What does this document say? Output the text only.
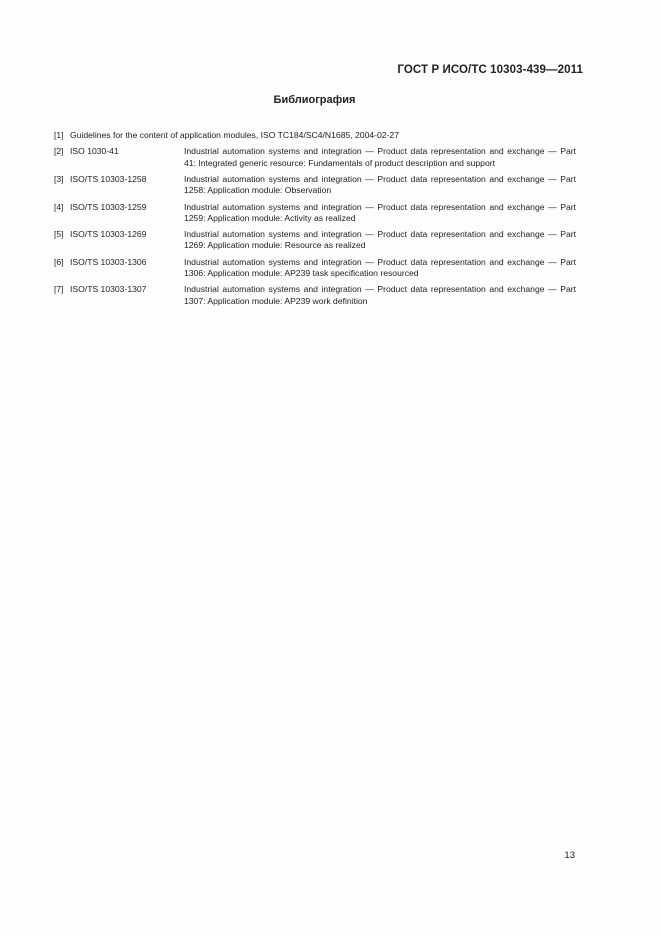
ГОСТ Р ИСО/ТС 10303-439—2011
Библиография
[1] Guidelines for the content of application modules, ISO TC184/SC4/N1685, 2004-02-27
[2] ISO 1030-41	Industrial automation systems and integration — Product data representation and exchange — Part 41: Integrated generic resource: Fundamentals of product description and support
[3] ISO/TS 10303-1258	Industrial automation systems and integration — Product data representation and exchange — Part 1258: Application module: Observation
[4] ISO/TS 10303-1259	Industrial automation systems and integration — Product data representation and exchange — Part 1259: Application module: Activity as realized
[5] ISO/TS 10303-1269	Industrial automation systems and integration — Product data representation and exchange — Part 1269: Application module: Resource as realized
[6] ISO/TS 10303-1306	Industrial automation systems and integration — Product data representation and exchange — Part 1306: Application module: AP239 task specification resourced
[7] ISO/TS 10303-1307	Industrial automation systems and integration — Product data representation and exchange — Part 1307: Application module: AP239 work definition
13
